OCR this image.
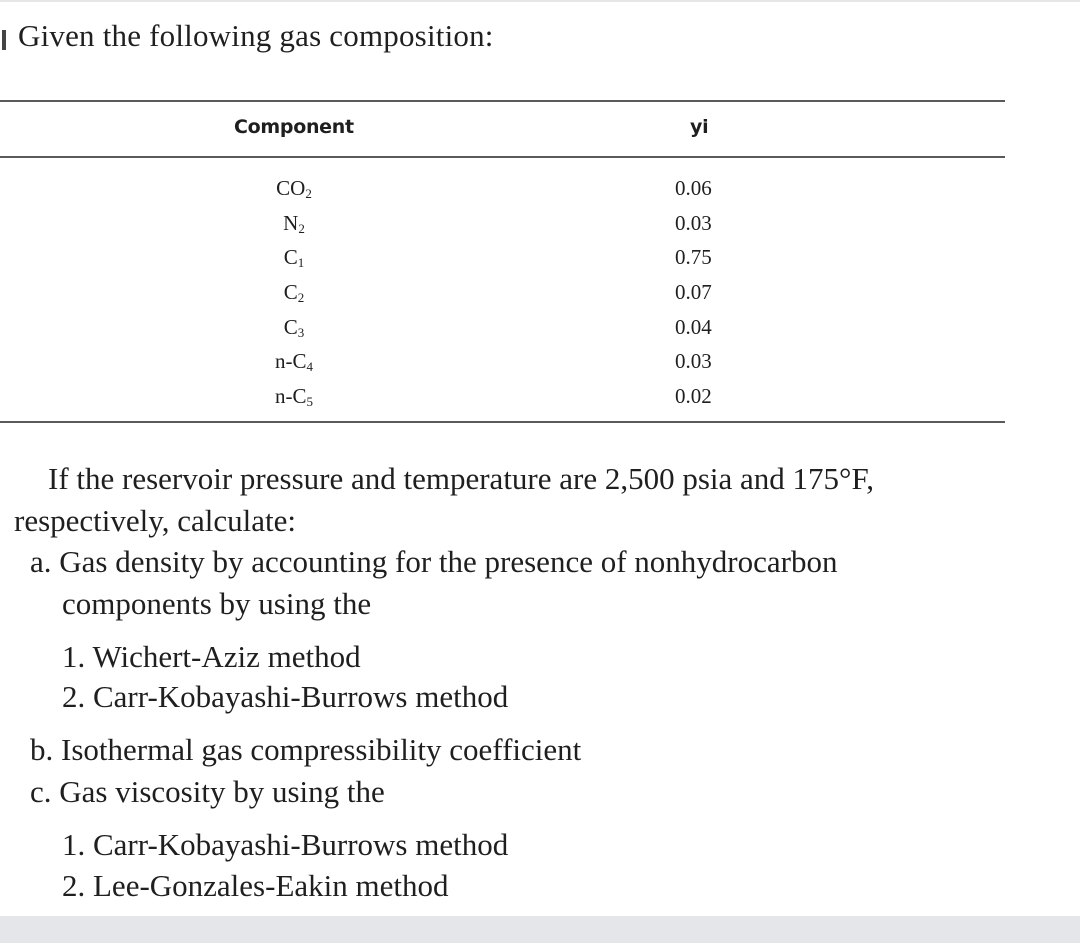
Given the following gas composition:
Component	yi
$CO_2$	0.06
$N_2$	0.03
$C_1$	0.75
$C_2$	0.07
$C_3$	0.04
$n-C_4$	0.03
$n-C_5$	0.02
If the reservoir pressure and temperature are 2,500 psia and 175°F,
respectively, calculate:
a. Gas density by accounting for the presence of nonhydrocarbon
components by using the
1. Wichert-Aziz method
2. Carr-Kobayashi-Burrows method
b. Isothermal gas compressibility coefficient
c. Gas viscosity by using the
1. Carr-Kobayashi-Burrows method
2. Lee-Gonzales-Eakin method
